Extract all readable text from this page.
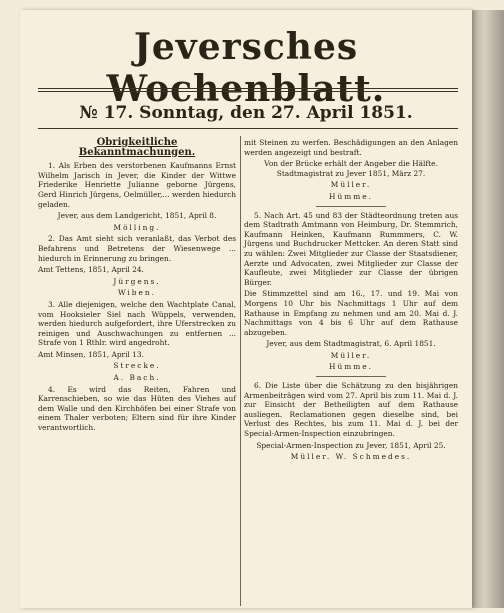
Jeversches Wochenblatt.
№ 17. Sonntag, den 27. April 1851.
Obrigkeitliche Bekanntmachungen.

1. Als Erben des verstorbenen Kaufmanns Ernst Wilhelm Jarisch in Jever, die Kinder der Wittwe Friederike Henriette Julianne geborne Jürgens, Gerd Hinrich Jürgens, Oelmüller,... werden hiedurch geladen.

Jever, aus dem Landgericht, 1851, April 8.

Mölling.

2. Das Amt sieht sich veranlaßt, das Verbot des Befahrens und Betretens der Wiesenwege ... hiedurch in Erinnerung zu bringen.

Amt Tettens, 1851, April 24.

Jürgens.

Wiben.

3. Alle diejenigen, welche den Wachtplate Canal, vom Hooksieler Siel nach Wüppels, verwenden, werden hiedurch aufgefordert, ihre Uferstrecken zu reinigen und Auschwachungen zu entfernen ... Strafe von 1 Rthlr. wird angedroht.

Amt Minsen, 1851, April 13.

Strecke.

A. Bach.

4. Es wird das Reiten, Fahren und Karrenschieben, so wie das Hüten des Viehes auf dem Walle und den Kirchhöfen bei einer Strafe von einem Thaler verboten; Eltern sind für ihre Kinder verantwortlich.

mit Steinen zu werfen. Beschädigungen an den Anlagen werden angezeigt und bestraft.

Von der Brücke erhält der Angeber die Hälfte. Stadtmagistrat zu Jever 1851, März 27.

Müller.

Hümme.

5. Nach Art. 45 und 83 der Städteordnung treten aus dem Stadtrath Amtmann von Heimburg, Dr. Stemmrich, Kaufmann Heinken, Kaufmann Rummmers, C. W. Jürgens und Buchdrucker Mettcker. An deren Statt sind zu wählen: Zwei Mitglieder zur Classe der Staatsdiener, Aerzte und Advocaten, zwei Mitglieder zur Classe der Kaufleute, zwei Mitglieder zur Classe der übrigen Bürger.

Die Stimmzettel sind am 16., 17. und 19. Mai von Morgens 10 Uhr bis Nachmittags 1 Uhr auf dem Rathause in Empfang zu nehmen und am 20. Mai d. J. Nachmittags von 4 bis 6 Uhr auf dem Rathause abzugeben.

Jever, aus dem Stadtmagistrat, 6. April 1851.

Müller.

Hümme.

6. Die Liste über die Schätzung zu den bisjährigen Armenbeiträgen wird vom 27. April bis zum 11. Mai d. J. zur Einsicht der Betheiligten auf dem Rathause ausliegen. Reclamationen gegen dieselbe sind, bei Verlust des Rechtes, bis zum 11. Mai d. J. bei der Special-Armen-Inspection einzubringen.

Special-Armen-Inspection zu Jever, 1851, April 25.

Müller. W. Schmedes.
